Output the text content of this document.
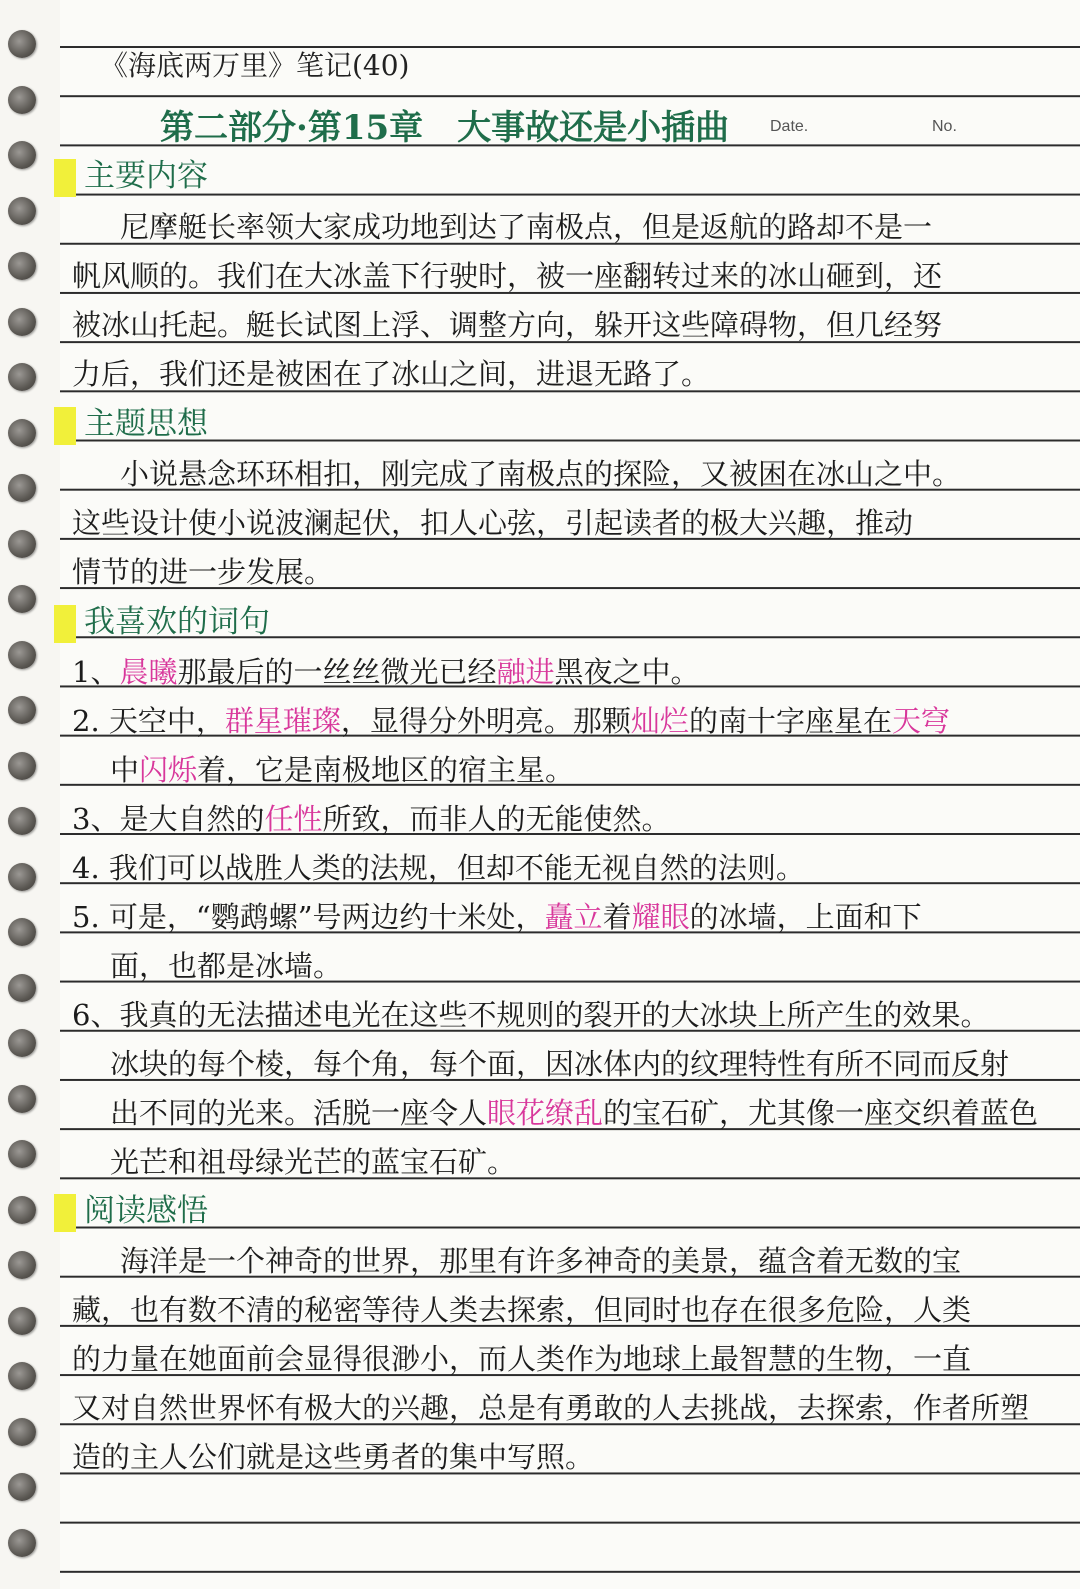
《海底两万里》笔记(40)
第二部分·第15章　大事故还是小插曲	Date.	No.
主要内容
尼摩艇长率领大家成功地到达了南极点，但是返航的路却不是一
帆风顺的。我们在大冰盖下行驶时，被一座翻转过来的冰山砸到，还
被冰山托起。艇长试图上浮、调整方向，躲开这些障碍物，但几经努
力后，我们还是被困在了冰山之间，进退无路了。
主题思想
小说悬念环环相扣，刚完成了南极点的探险，又被困在冰山之中。
这些设计使小说波澜起伏，扣人心弦，引起读者的极大兴趣，推动
情节的进一步发展。
我喜欢的词句
阅读感悟
海洋是一个神奇的世界，那里有许多神奇的美景，蕴含着无数的宝
藏，也有数不清的秘密等待人类去探索，但同时也存在很多危险，人类
的力量在她面前会显得很渺小，而人类作为地球上最智慧的生物，一直
又对自然世界怀有极大的兴趣，总是有勇敢的人去挑战，去探索，作者所塑
造的主人公们就是这些勇者的集中写照。
1、晨曦那最后的一丝丝微光已经融进黑夜之中。
2. 天空中，群星璀璨，显得分外明亮。那颗灿烂的南十字座星在天穹
中闪烁着，它是南极地区的宿主星。
3、是大自然的任性所致，而非人的无能使然。
4. 我们可以战胜人类的法规，但却不能无视自然的法则。
5. 可是，“鹦鹉螺”号两边约十米处，矗立着耀眼的冰墙，上面和下
面，也都是冰墙。
6、我真的无法描述电光在这些不规则的裂开的大冰块上所产生的效果。
冰块的每个棱，每个角，每个面，因冰体内的纹理特性有所不同而反射
出不同的光来。活脱一座令人眼花缭乱的宝石矿，尤其像一座交织着蓝色
光芒和祖母绿光芒的蓝宝石矿。
